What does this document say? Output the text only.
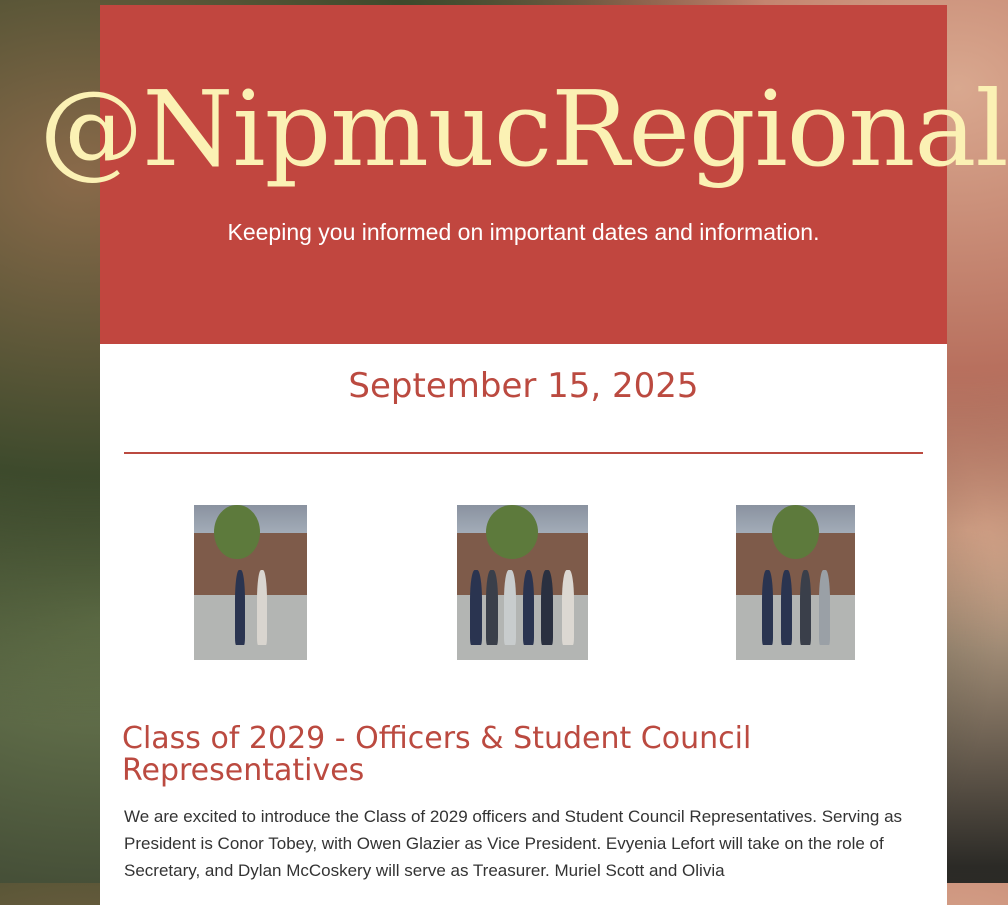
@NipmucRegional
Keeping you informed on important dates and information.
September 15, 2025
Class of 2029 - Officers & Student Council Representatives
We are excited to introduce the Class of 2029 officers and Student Council Representatives. Serving as President is Conor Tobey, with Owen Glazier as Vice President. Evyenia Lefort will take on the role of Secretary, and Dylan McCoskery will serve as Treasurer. Muriel Scott and Olivia
